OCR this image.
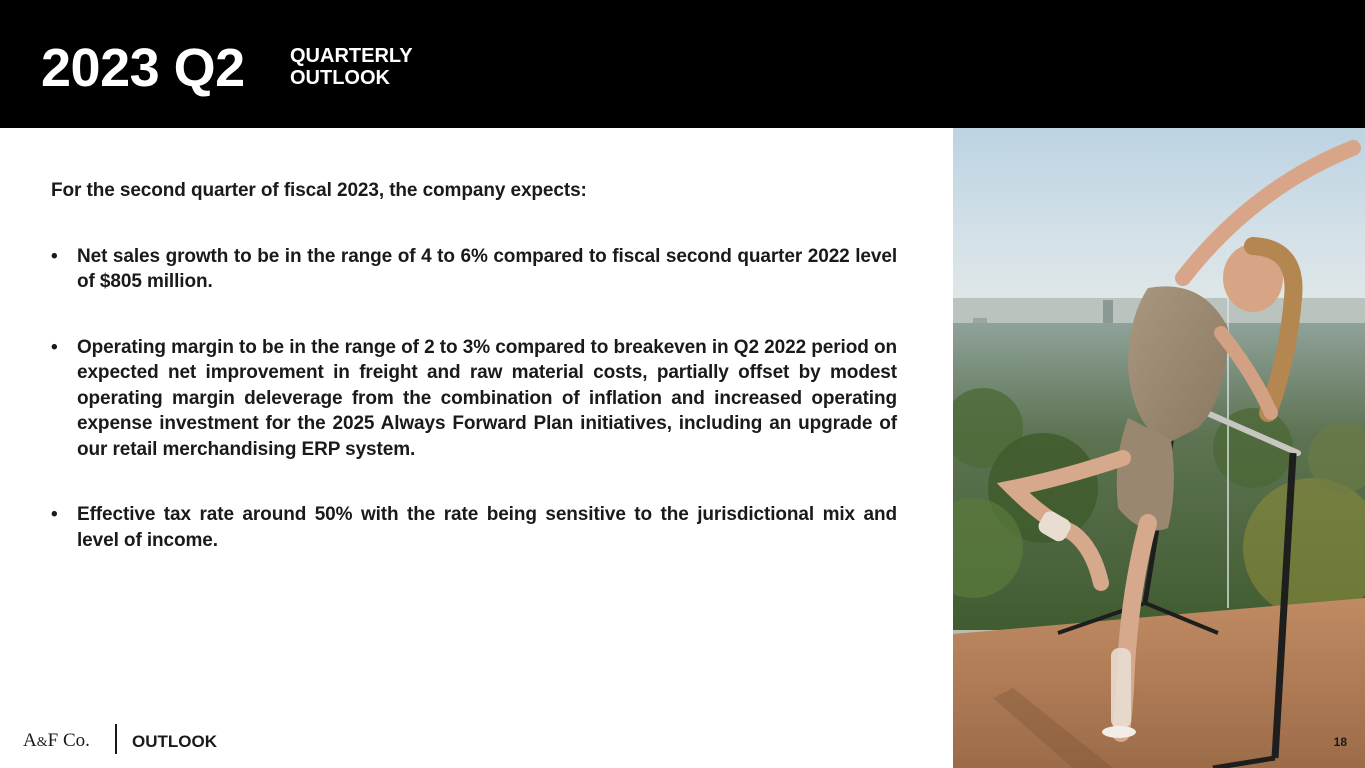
2023 Q2 QUARTERLY
OUTLOOK

For the second quarter of fiscal 2023, the company expects:

• Net sales growth to be in the range of 4 to 6% compared to fiscal second quarter 2022 level of $805 million.
• Operating margin to be in the range of 2 to 3% compared to breakeven in Q2 2022 period on expected net improvement in freight and raw material costs, partially offset by modest operating margin deleverage from the combination of inflation and increased operating expense investment for the 2025 Always Forward Plan initiatives, including an upgrade of our retail merchandising ERP system.
• Effective tax rate around 50% with the rate being sensitive to the jurisdictional mix and level of income.
A&F Co. OUTLOOK	18
